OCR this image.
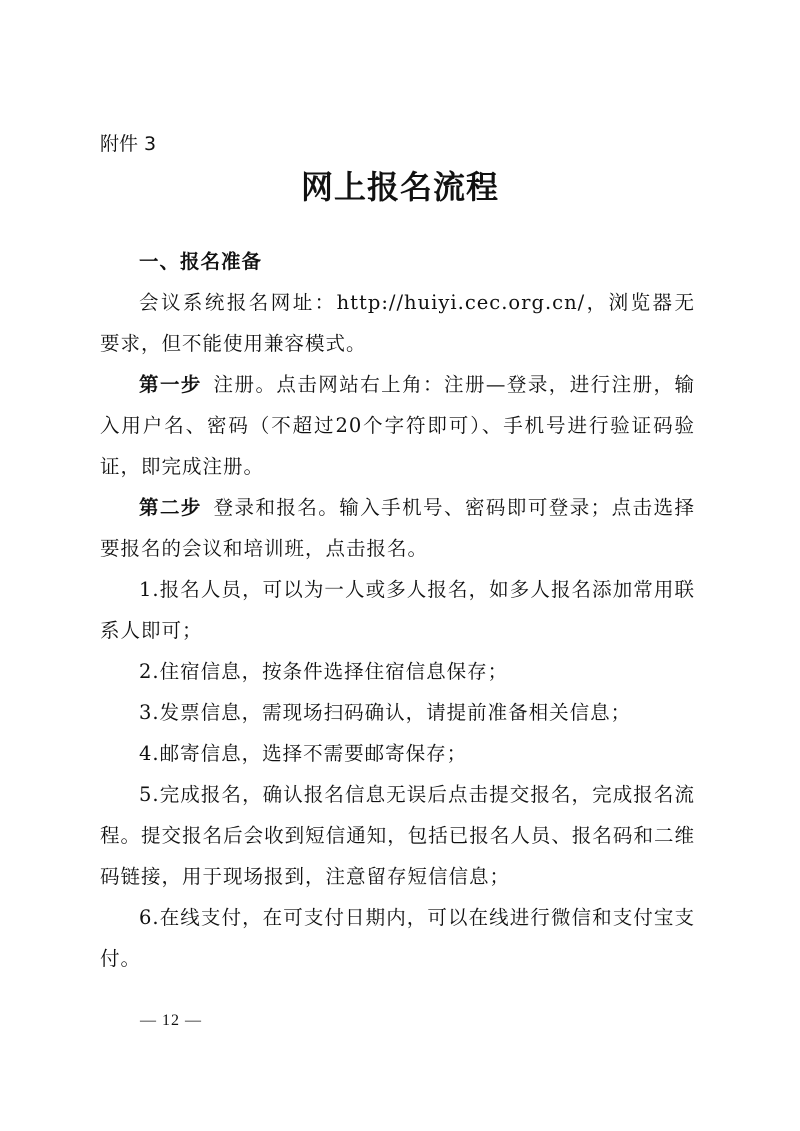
附件 3
网上报名流程

一、报名准备

会议系统报名网址：http://huiyi.cec.org.cn/，浏览器无要求，但不能使用兼容模式。

第一步 注册。点击网站右上角：注册—登录，进行注册，输入用户名、密码（不超过20个字符即可）、手机号进行验证码验证，即完成注册。

第二步 登录和报名。输入手机号、密码即可登录；点击选择要报名的会议和培训班，点击报名。

1.报名人员，可以为一人或多人报名，如多人报名添加常用联系人即可；

2.住宿信息，按条件选择住宿信息保存；

3.发票信息，需现场扫码确认，请提前准备相关信息；

4.邮寄信息，选择不需要邮寄保存；

5.完成报名，确认报名信息无误后点击提交报名，完成报名流程。提交报名后会收到短信通知，包括已报名人员、报名码和二维码链接，用于现场报到，注意留存短信信息；

6.在线支付，在可支付日期内，可以在线进行微信和支付宝支付。

— 12 —
